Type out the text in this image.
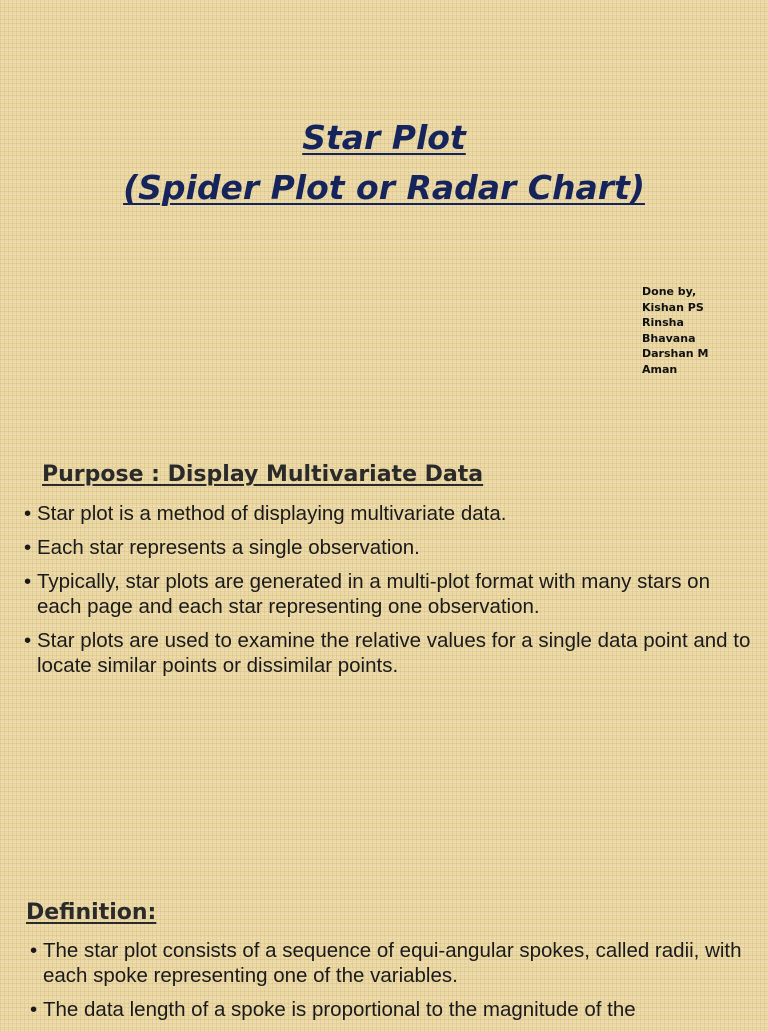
Star Plot
(Spider Plot or Radar Chart)
Done by,
Kishan PS
Rinsha
Bhavana
Darshan M
Aman
Purpose : Display Multivariate Data
• Star plot is a method of displaying multivariate data.
• Each star represents a single observation.
• Typically, star plots are generated in a multi-plot format with many stars on each page and each star representing one observation.
• Star plots are used to examine the relative values for a single data point and to locate similar points or dissimilar points.
Definition:
• The star plot consists of a sequence of equi-angular spokes, called radii, with each spoke representing one of the variables.
• The data length of a spoke is proportional to the magnitude of the
